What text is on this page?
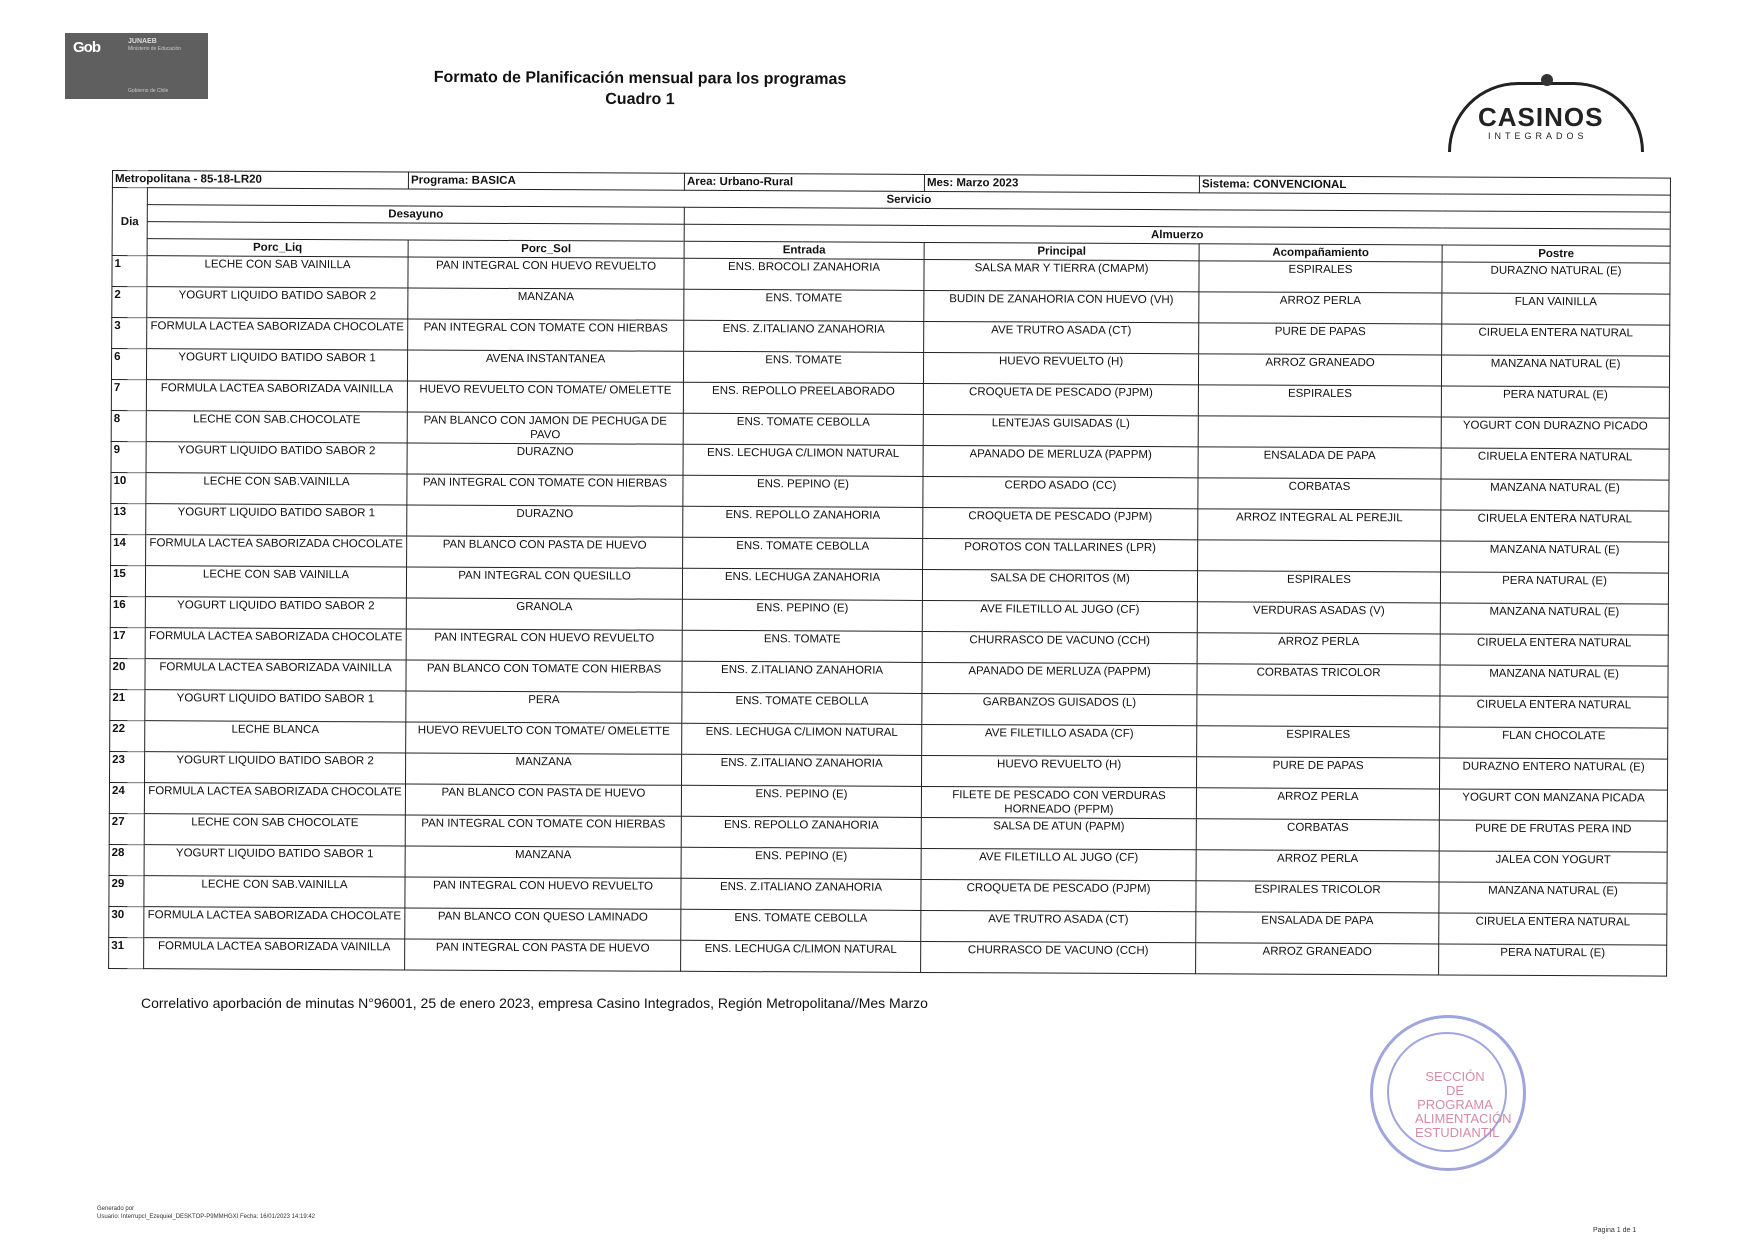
Gob	JUNAEB
Ministerio de Educación
Gobierno de Chile
Formato de Planificación mensual para los programas
Cuadro 1
CASINOS
INTEGRADOS
Metropolitana - 85-18-LR20		Programa: BASICA	Area: Urbano-Rural	Mes: Marzo 2023	Sistema: CONVENCIONAL	
Dia	Servicio					
	Desayuno					
			Almuerzo			
	Porc_Liq	Porc_Sol	Entrada	Principal	Acompañamiento	Postre
1	LECHE CON SAB VAINILLA	PAN INTEGRAL CON HUEVO REVUELTO	ENS. BROCOLI ZANAHORIA	SALSA MAR Y TIERRA (CMAPM)	ESPIRALES	DURAZNO NATURAL (E)
2	YOGURT LIQUIDO BATIDO SABOR 2	MANZANA	ENS. TOMATE	BUDIN DE ZANAHORIA CON HUEVO (VH)	ARROZ PERLA	FLAN VAINILLA
3	FORMULA LACTEA SABORIZADA CHOCOLATE	PAN INTEGRAL CON TOMATE CON HIERBAS	ENS. Z.ITALIANO ZANAHORIA	AVE TRUTRO ASADA (CT)	PURE DE PAPAS	CIRUELA ENTERA NATURAL
6	YOGURT LIQUIDO BATIDO SABOR 1	AVENA INSTANTANEA	ENS. TOMATE	HUEVO REVUELTO (H)	ARROZ GRANEADO	MANZANA NATURAL (E)
7	FORMULA LACTEA SABORIZADA VAINILLA	HUEVO REVUELTO CON TOMATE/ OMELETTE	ENS. REPOLLO PREELABORADO	CROQUETA DE PESCADO (PJPM)	ESPIRALES	PERA NATURAL (E)
8	LECHE CON SAB.CHOCOLATE	PAN BLANCO CON JAMON DE PECHUGA DE PAVO	ENS. TOMATE CEBOLLA	LENTEJAS GUISADAS (L)		YOGURT CON DURAZNO PICADO
9	YOGURT LIQUIDO BATIDO SABOR 2	DURAZNO	ENS. LECHUGA C/LIMON NATURAL	APANADO DE MERLUZA (PAPPM)	ENSALADA DE PAPA	CIRUELA ENTERA NATURAL
10	LECHE CON SAB.VAINILLA	PAN INTEGRAL CON TOMATE CON HIERBAS	ENS. PEPINO (E)	CERDO ASADO (CC)	CORBATAS	MANZANA NATURAL (E)
13	YOGURT LIQUIDO BATIDO SABOR 1	DURAZNO	ENS. REPOLLO ZANAHORIA	CROQUETA DE PESCADO (PJPM)	ARROZ INTEGRAL AL PEREJIL	CIRUELA ENTERA NATURAL
14	FORMULA LACTEA SABORIZADA CHOCOLATE	PAN BLANCO CON PASTA DE HUEVO	ENS. TOMATE CEBOLLA	POROTOS CON TALLARINES (LPR)		MANZANA NATURAL (E)
15	LECHE CON SAB VAINILLA	PAN INTEGRAL CON QUESILLO	ENS. LECHUGA ZANAHORIA	SALSA DE CHORITOS (M)	ESPIRALES	PERA NATURAL (E)
16	YOGURT LIQUIDO BATIDO SABOR 2	GRANOLA	ENS. PEPINO (E)	AVE FILETILLO AL JUGO (CF)	VERDURAS ASADAS (V)	MANZANA NATURAL (E)
17	FORMULA LACTEA SABORIZADA CHOCOLATE	PAN INTEGRAL CON HUEVO REVUELTO	ENS. TOMATE	CHURRASCO DE VACUNO (CCH)	ARROZ PERLA	CIRUELA ENTERA NATURAL
20	FORMULA LACTEA SABORIZADA VAINILLA	PAN BLANCO CON TOMATE CON HIERBAS	ENS. Z.ITALIANO ZANAHORIA	APANADO DE MERLUZA (PAPPM)	CORBATAS TRICOLOR	MANZANA NATURAL (E)
21	YOGURT LIQUIDO BATIDO SABOR 1	PERA	ENS. TOMATE CEBOLLA	GARBANZOS GUISADOS (L)		CIRUELA ENTERA NATURAL
22	LECHE BLANCA	HUEVO REVUELTO CON TOMATE/ OMELETTE	ENS. LECHUGA C/LIMON NATURAL	AVE FILETILLO ASADA (CF)	ESPIRALES	FLAN CHOCOLATE
23	YOGURT LIQUIDO BATIDO SABOR 2	MANZANA	ENS. Z.ITALIANO ZANAHORIA	HUEVO REVUELTO (H)	PURE DE PAPAS	DURAZNO ENTERO NATURAL (E)
24	FORMULA LACTEA SABORIZADA CHOCOLATE	PAN BLANCO CON PASTA DE HUEVO	ENS. PEPINO (E)	FILETE DE PESCADO CON VERDURAS HORNEADO (PFPM)	ARROZ PERLA	YOGURT CON MANZANA PICADA
27	LECHE CON SAB CHOCOLATE	PAN INTEGRAL CON TOMATE CON HIERBAS	ENS. REPOLLO ZANAHORIA	SALSA DE ATUN (PAPM)	CORBATAS	PURE DE FRUTAS PERA IND
28	YOGURT LIQUIDO BATIDO SABOR 1	MANZANA	ENS. PEPINO (E)	AVE FILETILLO AL JUGO (CF)	ARROZ PERLA	JALEA CON YOGURT
29	LECHE CON SAB.VAINILLA	PAN INTEGRAL CON HUEVO REVUELTO	ENS. Z.ITALIANO ZANAHORIA	CROQUETA DE PESCADO (PJPM)	ESPIRALES TRICOLOR	MANZANA NATURAL (E)
30	FORMULA LACTEA SABORIZADA CHOCOLATE	PAN BLANCO CON QUESO LAMINADO	ENS. TOMATE CEBOLLA	AVE TRUTRO ASADA (CT)	ENSALADA DE PAPA	CIRUELA ENTERA NATURAL
31	FORMULA LACTEA SABORIZADA VAINILLA	PAN INTEGRAL CON PASTA DE HUEVO	ENS. LECHUGA C/LIMON NATURAL	CHURRASCO DE VACUNO (CCH)	ARROZ GRANEADO	PERA NATURAL (E)
Correlativo aporbación de minutas N°96001, 25 de enero 2023, empresa Casino Integrados, Región Metropolitana//Mes Marzo
SECCIÓN DE PROGRAMA ALIMENTACIÓN ESTUDIANTIL
Generado por
Usuario: Interrupcl_Ezequiel_DESKTOP-P9MMHGXI Fecha: 16/01/2023 14:19:42
Pagina 1 de 1
